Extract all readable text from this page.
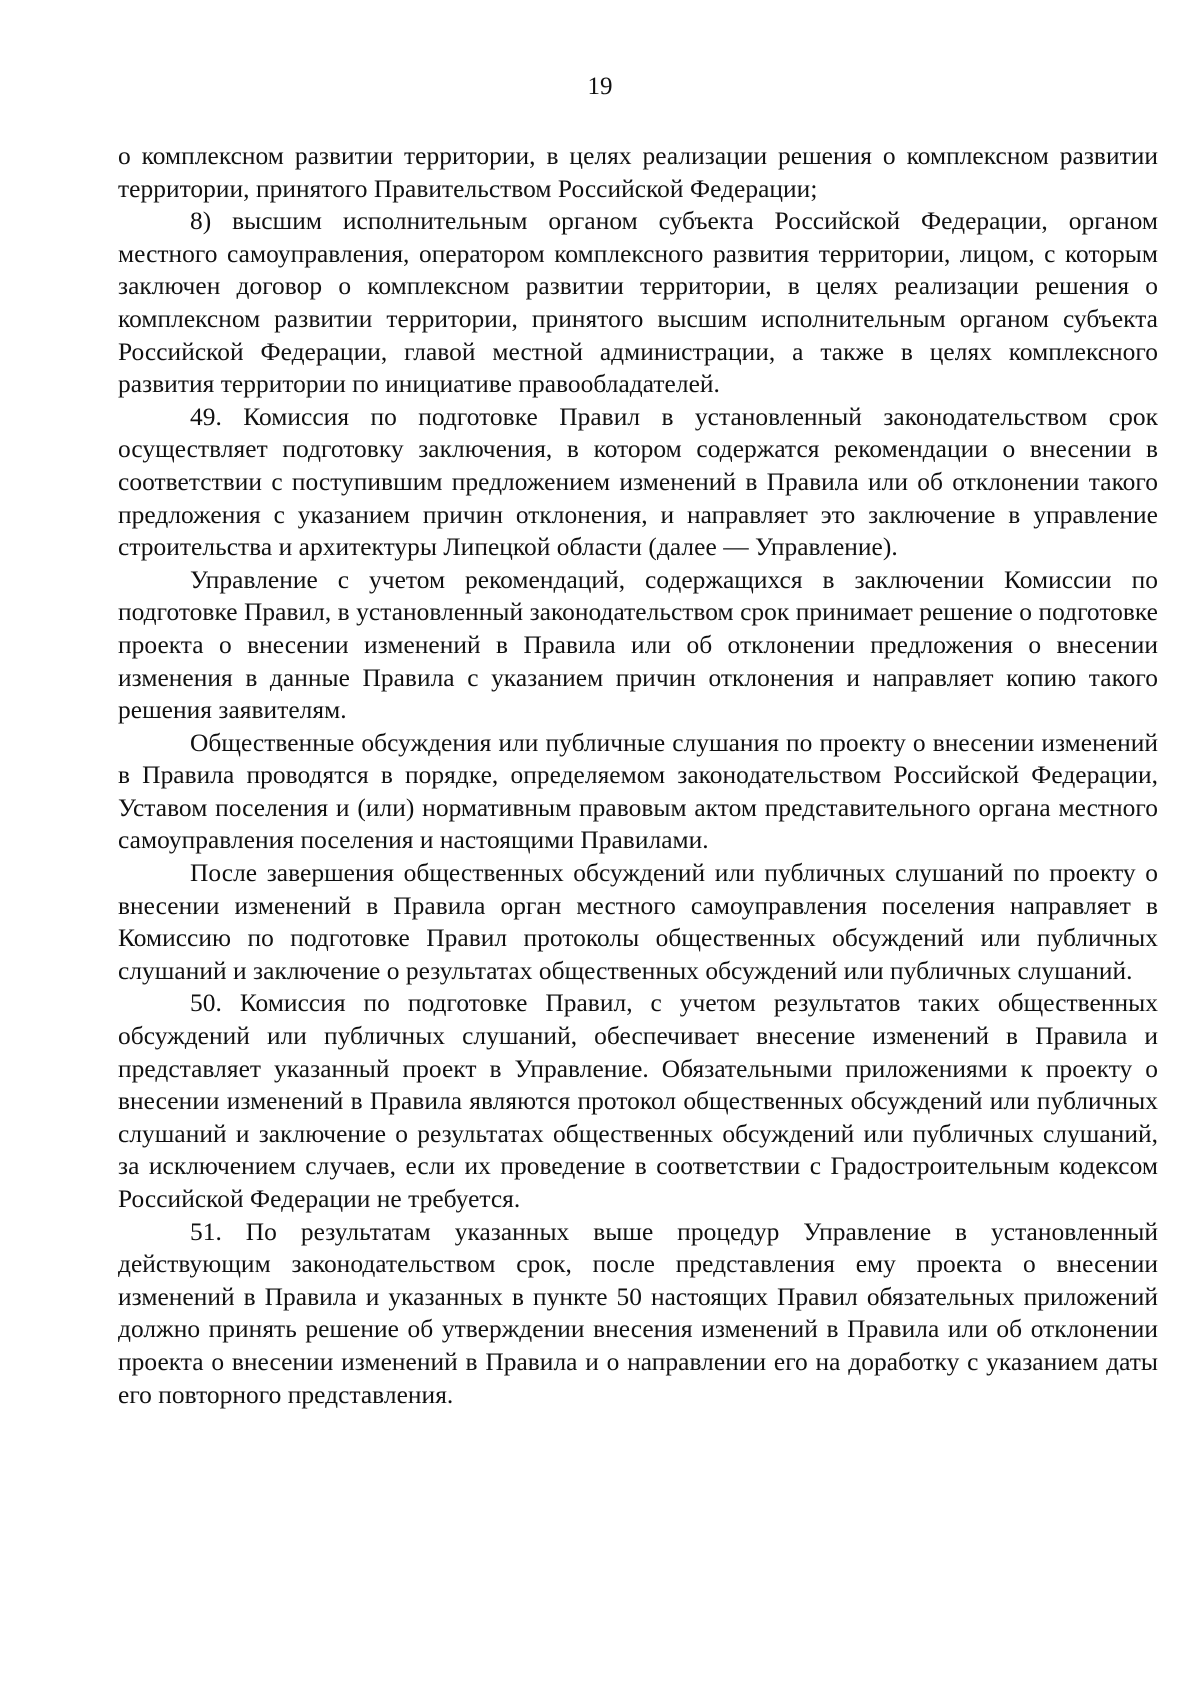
19

о комплексном развитии территории, в целях реализации решения о комплексном развитии территории, принятого Правительством Российской Федерации;

8) высшим исполнительным органом субъекта Российской Федерации, органом местного самоуправления, оператором комплексного развития территории, лицом, с которым заключен договор о комплексном развитии территории, в целях реализации решения о комплексном развитии территории, принятого высшим исполнительным органом субъекта Российской Федерации, главой местной администрации, а также в целях комплексного развития территории по инициативе правообладателей.

49. Комиссия по подготовке Правил в установленный законодательством срок осуществляет подготовку заключения, в котором содержатся рекомендации о внесении в соответствии с поступившим предложением изменений в Правила или об отклонении такого предложения с указанием причин отклонения, и направляет это заключение в управление строительства и архитектуры Липецкой области (далее — Управление).

Управление с учетом рекомендаций, содержащихся в заключении Комиссии по подготовке Правил, в установленный законодательством срок принимает решение о подготовке проекта о внесении изменений в Правила или об отклонении предложения о внесении изменения в данные Правила с указанием причин отклонения и направляет копию такого решения заявителям.

Общественные обсуждения или публичные слушания по проекту о внесении изменений в Правила проводятся в порядке, определяемом законодательством Российской Федерации, Уставом поселения и (или) нормативным правовым актом представительного органа местного самоуправления поселения и настоящими Правилами.

После завершения общественных обсуждений или публичных слушаний по проекту о внесении изменений в Правила орган местного самоуправления поселения направляет в Комиссию по подготовке Правил протоколы общественных обсуждений или публичных слушаний и заключение о результатах общественных обсуждений или публичных слушаний.

50. Комиссия по подготовке Правил, с учетом результатов таких общественных обсуждений или публичных слушаний, обеспечивает внесение изменений в Правила и представляет указанный проект в Управление. Обязательными приложениями к проекту о внесении изменений в Правила являются протокол общественных обсуждений или публичных слушаний и заключение о результатах общественных обсуждений или публичных слушаний, за исключением случаев, если их проведение в соответствии с Градостроительным кодексом Российской Федерации не требуется.

51. По результатам указанных выше процедур Управление в установленный действующим законодательством срок, после представления ему проекта о внесении изменений в Правила и указанных в пункте 50 настоящих Правил обязательных приложений должно принять решение об утверждении внесения изменений в Правила или об отклонении проекта о внесении изменений в Правила и о направлении его на доработку с указанием даты его повторного представления.
